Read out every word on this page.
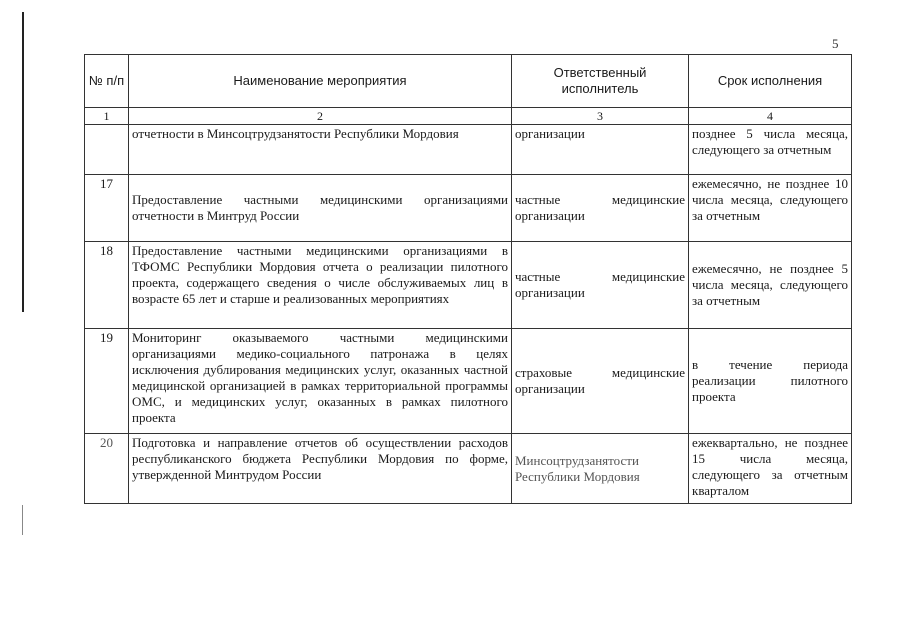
5
№ п/п	Наименование мероприятия	Ответственный исполнитель	Срок исполнения
1	2	3	4
	отчетности в Минсоцтрудзанятости Республики Мордовия	организации	позднее 5 числа месяца, следующего за отчетным
17	Предоставление частными медицинскими организациями отчетности в Минтруд России	частные медицинские организации	ежемесячно, не позднее 10 числа месяца, следующего за отчетным
18	Предоставление частными медицинскими организациями в ТФОМС Республики Мордовия отчета о реализации пилотного проекта, содержащего сведения о числе обслуживаемых лиц в возрасте 65 лет и старше и реализованных мероприятиях	частные медицинские организации	ежемесячно, не позднее 5 числа месяца, следующего за отчетным
19	Мониторинг оказываемого частными медицинскими организациями медико-социального патронажа в целях исключения дублирования медицинских услуг, оказанных частной медицинской организацией в рамках территориальной программы ОМС, и медицинских услуг, оказанных в рамках пилотного проекта	страховые медицинские организации	в течение периода реализации пилотного проекта
20	Подготовка и направление отчетов об осуществлении расходов республиканского бюджета Республики Мордовия по форме, утвержденной Минтрудом России	Минсоцтрудзанятости Республики Мордовия	ежеквартально, не позднее 15 числа месяца, следующего за отчетным кварталом
